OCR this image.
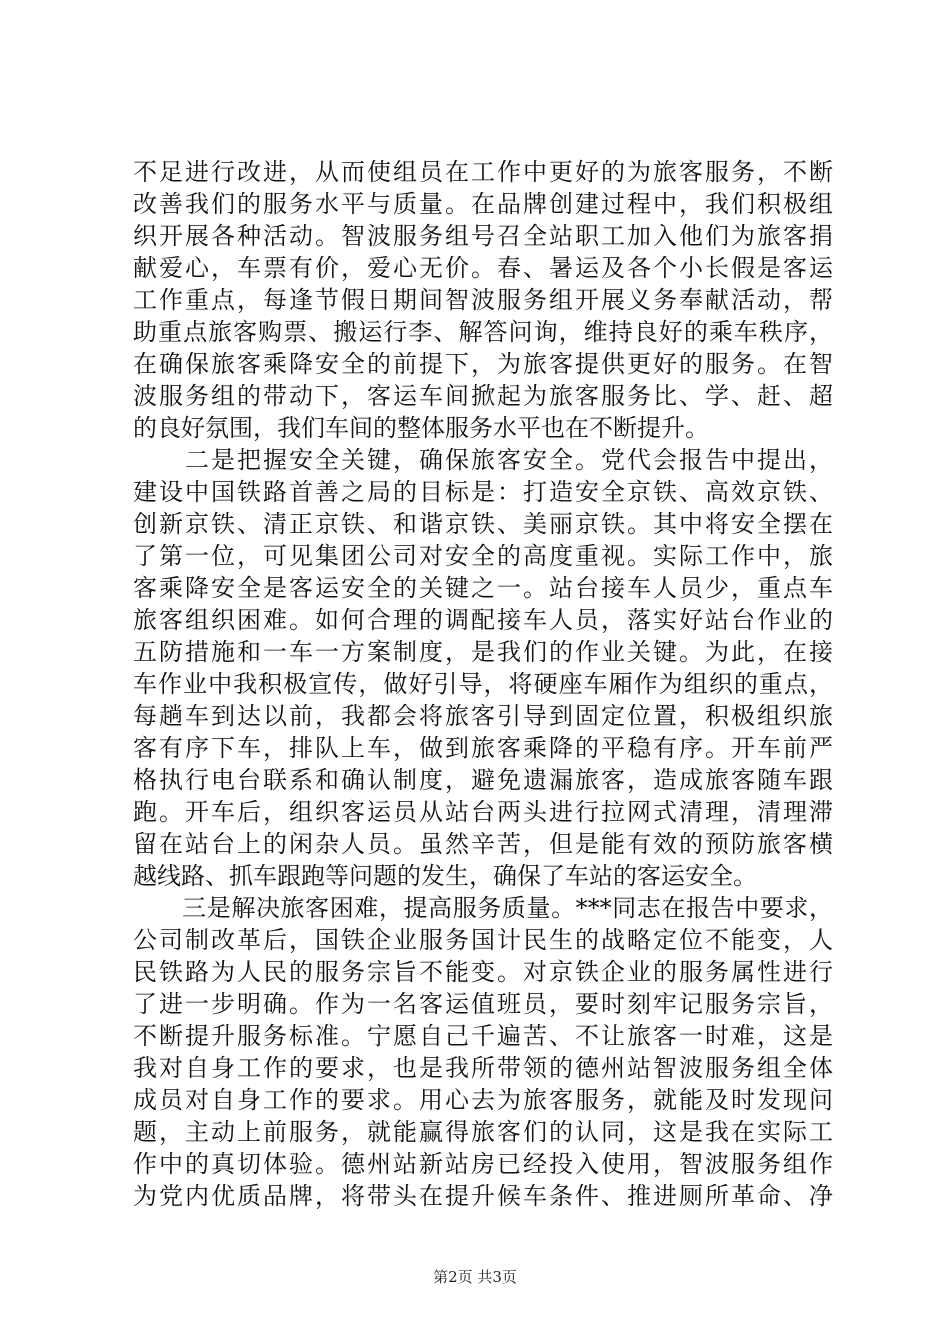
不足进行改进，从而使组员在工作中更好的为旅客服务，不断
改善我们的服务水平与质量。在品牌创建过程中，我们积极组
织开展各种活动。智波服务组号召全站职工加入他们为旅客捐
献爱心，车票有价，爱心无价。春、暑运及各个小长假是客运
工作重点，每逢节假日期间智波服务组开展义务奉献活动，帮
助重点旅客购票、搬运行李、解答问询，维持良好的乘车秩序，
在确保旅客乘降安全的前提下，为旅客提供更好的服务。在智
波服务组的带动下，客运车间掀起为旅客服务比、学、赶、超
的良好氛围，我们车间的整体服务水平也在不断提升。
　　二是把握安全关键，确保旅客安全。党代会报告中提出，
建设中国铁路首善之局的目标是：打造安全京铁、高效京铁、
创新京铁、清正京铁、和谐京铁、美丽京铁。其中将安全摆在
了第一位，可见集团公司对安全的高度重视。实际工作中，旅
客乘降安全是客运安全的关键之一。站台接车人员少，重点车
旅客组织困难。如何合理的调配接车人员，落实好站台作业的
五防措施和一车一方案制度，是我们的作业关键。为此，在接
车作业中我积极宣传，做好引导，将硬座车厢作为组织的重点，
每趟车到达以前，我都会将旅客引导到固定位置，积极组织旅
客有序下车，排队上车，做到旅客乘降的平稳有序。开车前严
格执行电台联系和确认制度，避免遗漏旅客，造成旅客随车跟
跑。开车后，组织客运员从站台两头进行拉网式清理，清理滞
留在站台上的闲杂人员。虽然辛苦，但是能有效的预防旅客横
越线路、抓车跟跑等问题的发生，确保了车站的客运安全。
　　三是解决旅客困难，提高服务质量。***同志在报告中要求，
公司制改革后，国铁企业服务国计民生的战略定位不能变，人
民铁路为人民的服务宗旨不能变。对京铁企业的服务属性进行
了进一步明确。作为一名客运值班员，要时刻牢记服务宗旨，
不断提升服务标准。宁愿自己千遍苦、不让旅客一时难，这是
我对自身工作的要求，也是我所带领的德州站智波服务组全体
成员对自身工作的要求。用心去为旅客服务，就能及时发现问
题，主动上前服务，就能赢得旅客们的认同，这是我在实际工
作中的真切体验。德州站新站房已经投入使用，智波服务组作
为党内优质品牌，将带头在提升候车条件、推进厕所革命、净
第2页 共3页
